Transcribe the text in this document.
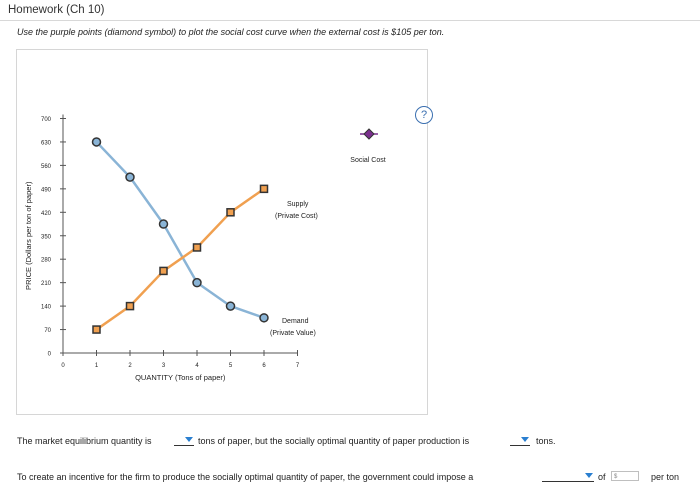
Homework (Ch 10)
Use the purple points (diamond symbol) to plot the social cost curve when the external cost is $105 per ton.
?
QUANTITY (Tons of paper)
PRICE (Dollars per ton of paper)
0
70
140
210
280
350
420
490
560
630
700
0	1	2	3	4	5	6	7
Supply
(Private Cost)
Demand
(Private Value)
Social Cost
The market equilibrium quantity is	tons of paper, but the socially optimal quantity of paper production is	tons.
To create an incentive for the firm to produce the socially optimal quantity of paper, the government could impose a	of	$	per ton
